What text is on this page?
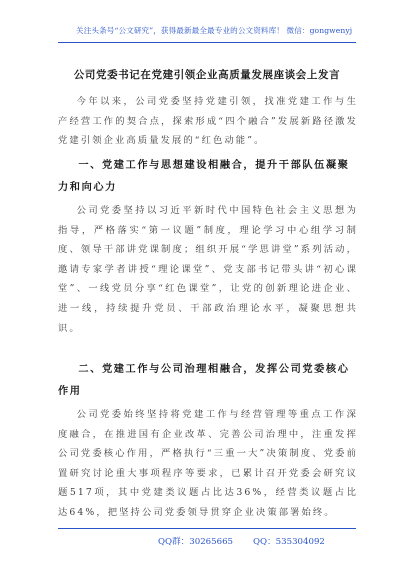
关注头条号“公文研究”，获得最新最全最专业的公文资料库！ 微信：gongwenyj
公司党委书记在党建引领企业高质量发展座谈会上发言

今年以来，公司党委坚持党建引领，找准党建工作与生产经营工作的契合点，探索形成“四个融合”发展新路径激发党建引领企业高质量发展的“红色动能”。

一、党建工作与思想建设相融合，提升干部队伍凝聚力和向心力

公司党委坚持以习近平新时代中国特色社会主义思想为指导，严格落实“第一议题”制度，理论学习中心组学习制度、领导干部讲党课制度；组织开展“学思讲堂”系列活动，邀请专家学者讲授“理论课堂”、党支部书记带头讲“初心课堂”、一线党员分享“红色课堂”，让党的创新理论进企业、进一线，持续提升党员、干部政治理论水平，凝聚思想共识。

二、党建工作与公司治理相融合，发挥公司党委核心作用

公司党委始终坚持将党建工作与经营管理等重点工作深度融合，在推进国有企业改革、完善公司治理中，注重发挥公司党委核心作用，严格执行“三重一大”决策制度、党委前置研究讨论重大事项程序等要求，已累计召开党委会研究议题517项，其中党建类议题占比达36%，经营类议题占比达64%，把坚持公司党委领导贯穿企业决策部署始终。

QQ群：30265665 QQ：535304092
